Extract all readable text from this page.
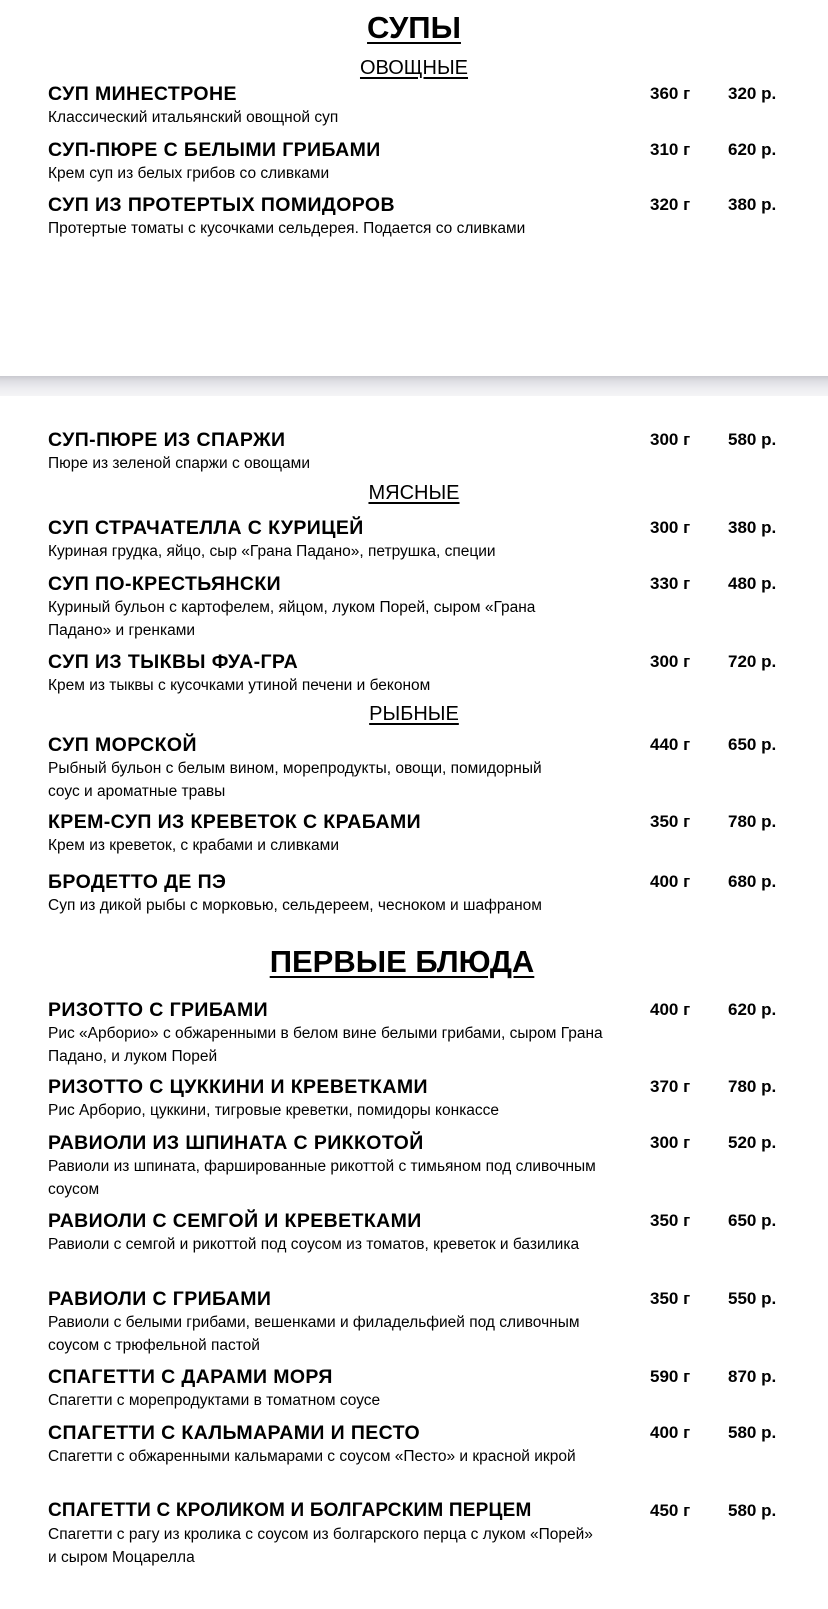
СУПЫ
ОВОЩНЫЕ
СУП МИНЕСТРОНЕ
Классический итальянский овощной суп
360 г	320 р.
СУП-ПЮРЕ С БЕЛЫМИ ГРИБАМИ
Крем суп из белых грибов со сливками
310 г	620 р.
СУП ИЗ ПРОТЕРТЫХ ПОМИДОРОВ
Протертые томаты с кусочками сельдерея. Подается со сливками
320 г	380 р.
СУП-ПЮРЕ ИЗ СПАРЖИ
Пюре из зеленой спаржи с овощами
300 г	580 р.
МЯСНЫЕ
СУП СТРАЧАТЕЛЛА С КУРИЦЕЙ
Куриная грудка, яйцо, сыр «Грана Падано», петрушка, специи
300 г	380 р.
СУП ПО-КРЕСТЬЯНСКИ
Куриный бульон с картофелем, яйцом, луком Порей, сыром «Грана Падано» и гренками
330 г	480 р.
СУП ИЗ ТЫКВЫ ФУА-ГРА
Крем из тыквы с кусочками утиной печени и беконом
300 г	720 р.
РЫБНЫЕ
СУП МОРСКОЙ
Рыбный бульон с белым вином, морепродукты, овощи, помидорный соус и ароматные травы
440 г	650 р.
КРЕМ-СУП ИЗ КРЕВЕТОК С КРАБАМИ
Крем из креветок, с крабами и сливками
350 г	780 р.
БРОДЕТТО ДЕ ПЭ
Суп из дикой рыбы с морковью, сельдереем, чесноком и шафраном
400 г	680 р.
ПЕРВЫЕ БЛЮДА
РИЗОТТО С ГРИБАМИ
Рис «Арборио» с обжаренными в белом вине белыми грибами, сыром Грана Падано, и луком Порей
400 г	620 р.
РИЗОТТО С ЦУККИНИ И КРЕВЕТКАМИ
Рис Арборио, цуккини, тигровые креветки, помидоры конкассе
370 г	780 р.
РАВИОЛИ ИЗ ШПИНАТА С РИККОТОЙ
Равиоли из шпината, фаршированные рикоттой с тимьяном под сливочным соусом
300 г	520 р.
РАВИОЛИ С СЕМГОЙ И КРЕВЕТКАМИ
Равиоли с семгой и рикоттой под соусом из томатов, креветок и базилика
350 г	650 р.
РАВИОЛИ С ГРИБАМИ
Равиоли с белыми грибами, вешенками и филадельфией под сливочным соусом с трюфельной пастой
350 г	550 р.
СПАГЕТТИ С ДАРАМИ МОРЯ
Спагетти с морепродуктами в томатном соусе
590 г	870 р.
СПАГЕТТИ С КАЛЬМАРАМИ И ПЕСТО
Спагетти с обжаренными кальмарами с соусом «Песто» и красной икрой
400 г	580 р.
СПАГЕТТИ С КРОЛИКОМ И БОЛГАРСКИМ ПЕРЦЕМ
Спагетти с рагу из кролика с соусом из болгарского перца с луком «Порей» и сыром Моцарелла
450 г	580 р.
